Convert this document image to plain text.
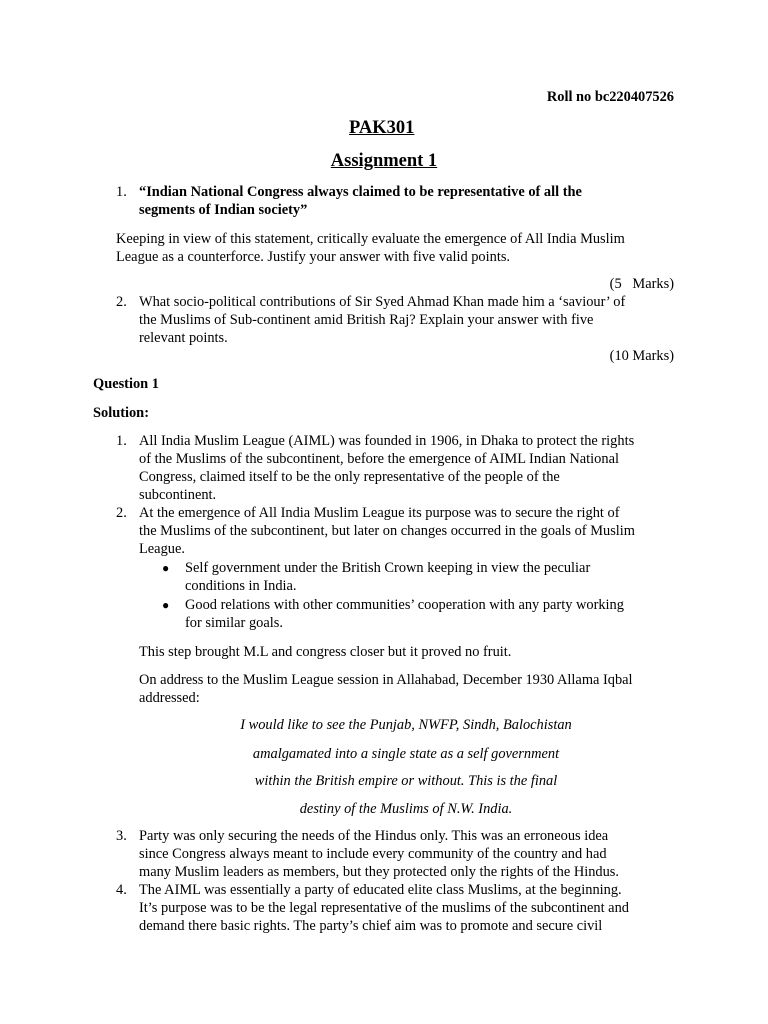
Roll no bc220407526
PAK301
Assignment 1
1. “Indian National Congress always claimed to be representative of all the
segments of Indian society”
Keeping in view of this statement, critically evaluate the emergence of All India Muslim
League as a counterforce. Justify your answer with five valid points.
(5   Marks)
2. What socio-political contributions of Sir Syed Ahmad Khan made him a ‘saviour’ of
the Muslims of Sub-continent amid British Raj? Explain your answer with five
relevant points.
(10 Marks)
Question 1
Solution:
1. All India Muslim League (AIML) was founded in 1906, in Dhaka to protect the rights
of the Muslims of the subcontinent, before the emergence of AIML Indian National
Congress, claimed itself to be the only representative of the people of the
subcontinent.
2. At the emergence of All India Muslim League its purpose was to secure the right of
the Muslims of the subcontinent, but later on changes occurred in the goals of Muslim
League.
● Self government under the British Crown keeping in view the peculiar
conditions in India.
● Good relations with other communities’ cooperation with any party working
for similar goals.
This step brought M.L and congress closer but it proved no fruit.
On address to the Muslim League session in Allahabad, December 1930 Allama Iqbal
addressed:
I would like to see the Punjab, NWFP, Sindh, Balochistan
amalgamated into a single state as a self government
within the British empire or without. This is the final
destiny of the Muslims of N.W. India.
3. Party was only securing the needs of the Hindus only. This was an erroneous idea
since Congress always meant to include every community of the country and had
many Muslim leaders as members, but they protected only the rights of the Hindus.
4. The AIML was essentially a party of educated elite class Muslims, at the beginning.
It’s purpose was to be the legal representative of the muslims of the subcontinent and
demand there basic rights. The party’s chief aim was to promote and secure civil
